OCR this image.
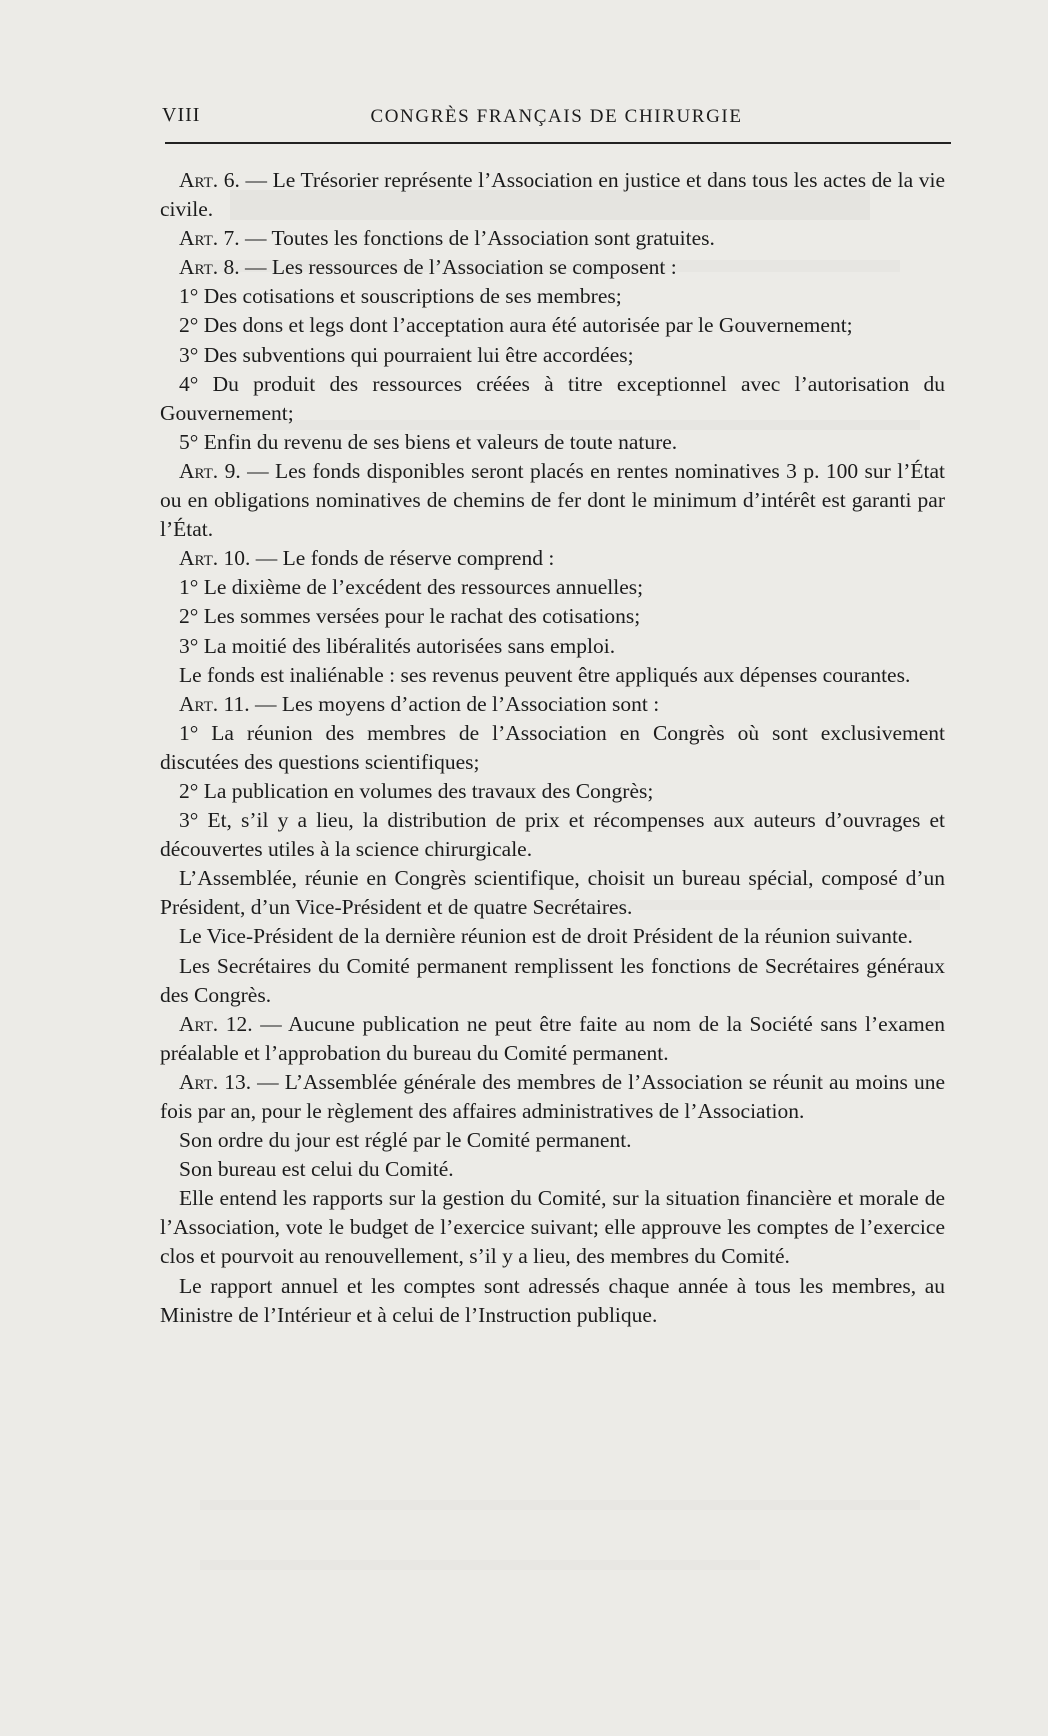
VIII	CONGRÈS FRANÇAIS DE CHIRURGIE

Art. 6. — Le Trésorier représente l’Association en justice et dans tous les actes de la vie civile.

Art. 7. — Toutes les fonctions de l’Association sont gratuites.

Art. 8. — Les ressources de l’Association se composent :

1° Des cotisations et souscriptions de ses membres;

2° Des dons et legs dont l’acceptation aura été autorisée par le Gouvernement;

3° Des subventions qui pourraient lui être accordées;

4° Du produit des ressources créées à titre exceptionnel avec l’autorisation du Gouvernement;

5° Enfin du revenu de ses biens et valeurs de toute nature.

Art. 9. — Les fonds disponibles seront placés en rentes nominatives 3 p. 100 sur l’État ou en obligations nominatives de chemins de fer dont le minimum d’intérêt est garanti par l’État.

Art. 10. — Le fonds de réserve comprend :

1° Le dixième de l’excédent des ressources annuelles;

2° Les sommes versées pour le rachat des cotisations;

3° La moitié des libéralités autorisées sans emploi.

Le fonds est inaliénable : ses revenus peuvent être appliqués aux dépenses courantes.

Art. 11. — Les moyens d’action de l’Association sont :

1° La réunion des membres de l’Association en Congrès où sont exclusivement discutées des questions scientifiques;

2° La publication en volumes des travaux des Congrès;

3° Et, s’il y a lieu, la distribution de prix et récompenses aux auteurs d’ouvrages et découvertes utiles à la science chirurgicale.

L’Assemblée, réunie en Congrès scientifique, choisit un bureau spécial, composé d’un Président, d’un Vice-Président et de quatre Secrétaires.

Le Vice-Président de la dernière réunion est de droit Président de la réunion suivante.

Les Secrétaires du Comité permanent remplissent les fonctions de Secrétaires généraux des Congrès.

Art. 12. — Aucune publication ne peut être faite au nom de la Société sans l’examen préalable et l’approbation du bureau du Comité permanent.

Art. 13. — L’Assemblée générale des membres de l’Association se réunit au moins une fois par an, pour le règlement des affaires administratives de l’Association.

Son ordre du jour est réglé par le Comité permanent.

Son bureau est celui du Comité.

Elle entend les rapports sur la gestion du Comité, sur la situation financière et morale de l’Association, vote le budget de l’exercice suivant; elle approuve les comptes de l’exercice clos et pourvoit au renouvellement, s’il y a lieu, des membres du Comité.

Le rapport annuel et les comptes sont adressés chaque année à tous les membres, au Ministre de l’Intérieur et à celui de l’Instruction publique.
